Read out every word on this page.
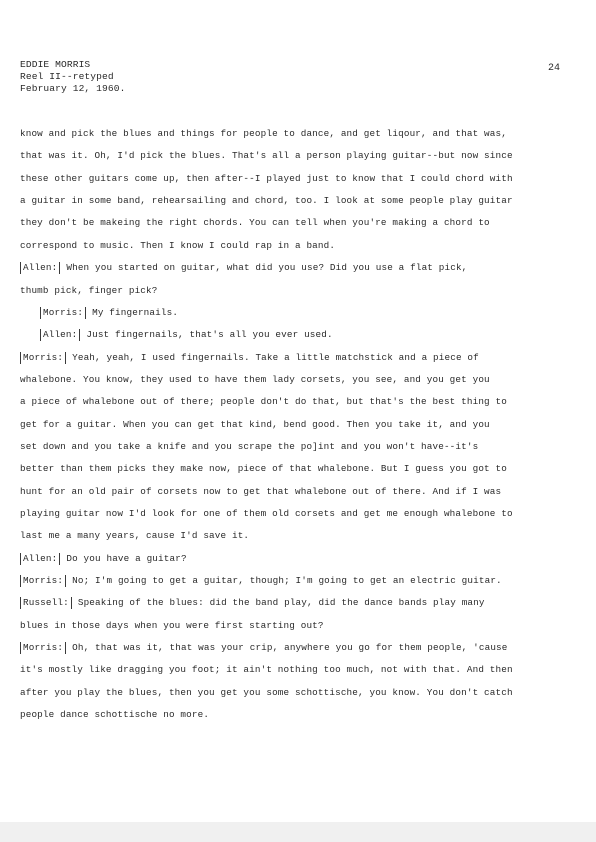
EDDIE MORRIS
Reel II--retyped
February 12, 1960.
24
know and pick the blues and things for people to dance, and get liqour, and that was,
that was it. Oh, I'd pick the blues. That's all a person playing guitar--but now since
these other guitars come up, then after--I played just to know that I could chord with
a guitar in some band, rehearsailing and chord, too. I look at some people play guitar
they don't be makeing the right chords. You can tell when you're making a chord to
correspond to music. Then I know I could rap in a band.
Allen: When you started on guitar, what did you use? Did you use a flat pick,
thumb pick, finger pick?
Morris: My fingernails.
Allen: Just fingernails, that's all you ever used.
Morris: Yeah, yeah, I used fingernails. Take a little matchstick and a piece of
whalebone. You know, they used to have them lady corsets, you see, and you get you
a piece of whalebone out of there; people don't do that, but that's the best thing to
get for a guitar. When you can get that kind, bend good. Then you take it, and you
set down and you take a knife and you scrape the po]int and you won't have--it's
better than them picks they make now, piece of that whalebone. But I guess you got to
hunt for an old pair of corsets now to get that whalebone out of there. And if I was
playing guitar now I'd look for one of them old corsets and get me enough whalebone to
last me a many years, cause I'd save it.
Allen: Do you have a guitar?
Morris: No; I'm going to get a guitar, though; I'm going to get an electric guitar.
Russell: Speaking of the blues: did the band play, did the dance bands play many
blues in those days when you were first starting out?
Morris: Oh, that was it, that was your crip, anywhere you go for them people, 'cause
it's mostly like dragging you foot; it ain't nothing too much, not with that. And then
after you play the blues, then you get you some schottische, you know. You don't catch
people dance schottische no more.
